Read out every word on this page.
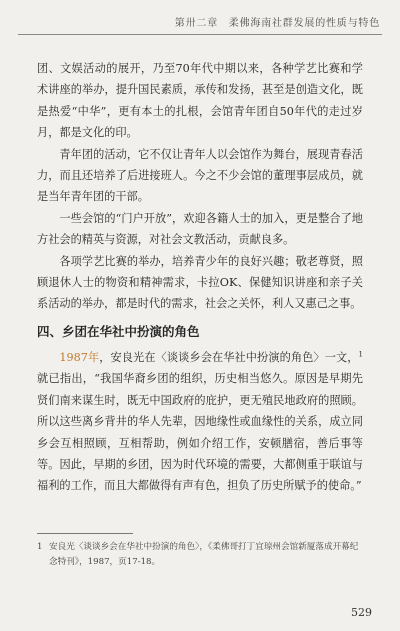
第卅二章　柔佛海南社群发展的性质与特色

团、文娱活动的展开，乃至70年代中期以来，各种学艺比赛和学术讲座的举办，提升国民素质，承传和发扬，甚至是创造文化，既是热爱“中华”，更有本土的扎根，会馆青年团自50年代的走过岁月，都是文化的印。

青年团的活动，它不仅让青年人以会馆作为舞台，展现青春活力，而且还培养了后进接班人。今之不少会馆的董理事层成员，就是当年青年团的干部。

一些会馆的“门户开放”，欢迎各籍人士的加入，更是整合了地方社会的精英与资源，对社会文教活动，贡献良多。

各项学艺比赛的举办，培养青少年的良好兴趣；敬老尊贤，照顾退休人士的物资和精神需求，卡拉OK、保健知识讲座和亲子关系活动的举办，都是时代的需求，社会之关怀，利人又惠己之事。

四、乡团在华社中扮演的角色

1987年，安良光在〈谈谈乡会在华社中扮演的角色〉一文，$^1$就已指出，“我国华裔乡团的组织，历史相当悠久。原因是早期先贤们南来谋生时，既无中国政府的庇护，更无殖民地政府的照顾。所以这些离乡背井的华人先辈，因地缘性或血缘性的关系，成立同乡会互相照顾，互相帮助，例如介绍工作，安顿膳宿，善后事等等。因此，早期的乡团，因为时代环境的需要，大都侧重于联谊与福利的工作，而且大都做得有声有色，担负了历史所赋予的使命。”

1 安良光〈谈谈乡会在华社中扮演的角色〉，《柔佛哥打丁宜琼州会馆新厦落成开幕纪念特刊》，1987，页17-18。
529
